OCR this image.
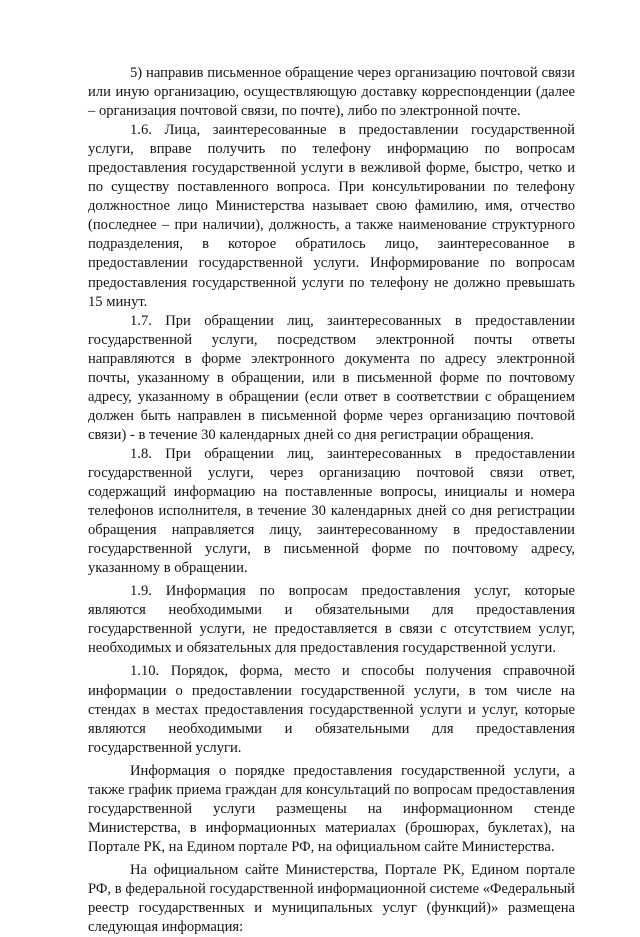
5) направив письменное обращение через организацию почтовой связи или иную организацию, осуществляющую доставку корреспонденции (далее – организация почтовой связи, по почте), либо по электронной почте.

1.6. Лица, заинтересованные в предоставлении государственной услуги, вправе получить по телефону информацию по вопросам предоставления государственной услуги в вежливой форме, быстро, четко и по существу поставленного вопроса. При консультировании по телефону должностное лицо Министерства называет свою фамилию, имя, отчество (последнее – при наличии), должность, а также наименование структурного подразделения, в которое обратилось лицо, заинтересованное в предоставлении государственной услуги. Информирование по вопросам предоставления государственной услуги по телефону не должно превышать 15 минут.

1.7. При обращении лиц, заинтересованных в предоставлении государственной услуги, посредством электронной почты ответы направляются в форме электронного документа по адресу электронной почты, указанному в обращении, или в письменной форме по почтовому адресу, указанному в обращении (если ответ в соответствии с обращением должен быть направлен в письменной форме через организацию почтовой связи) - в течение 30 календарных дней со дня регистрации обращения.

1.8. При обращении лиц, заинтересованных в предоставлении государственной услуги, через организацию почтовой связи ответ, содержащий информацию на поставленные вопросы, инициалы и номера телефонов исполнителя, в течение 30 календарных дней со дня регистрации обращения направляется лицу, заинтересованному в предоставлении государственной услуги, в письменной форме по почтовому адресу, указанному в обращении.

1.9. Информация по вопросам предоставления услуг, которые являются необходимыми и обязательными для предоставления государственной услуги, не предоставляется в связи с отсутствием услуг, необходимых и обязательных для предоставления государственной услуги.

1.10. Порядок, форма, место и способы получения справочной информации о предоставлении государственной услуги, в том числе на стендах в местах предоставления государственной услуги и услуг, которые являются необходимыми и обязательными для предоставления государственной услуги.

Информация о порядке предоставления государственной услуги, а также график приема граждан для консультаций по вопросам предоставления государственной услуги размещены на информационном стенде Министерства, в информационных материалах (брошюрах, буклетах), на Портале РК, на Едином портале РФ, на официальном сайте Министерства.

На официальном сайте Министерства, Портале РК, Едином портале РФ, в федеральной государственной информационной системе «Федеральный реестр государственных и муниципальных услуг (функций)» размещена следующая информация:
